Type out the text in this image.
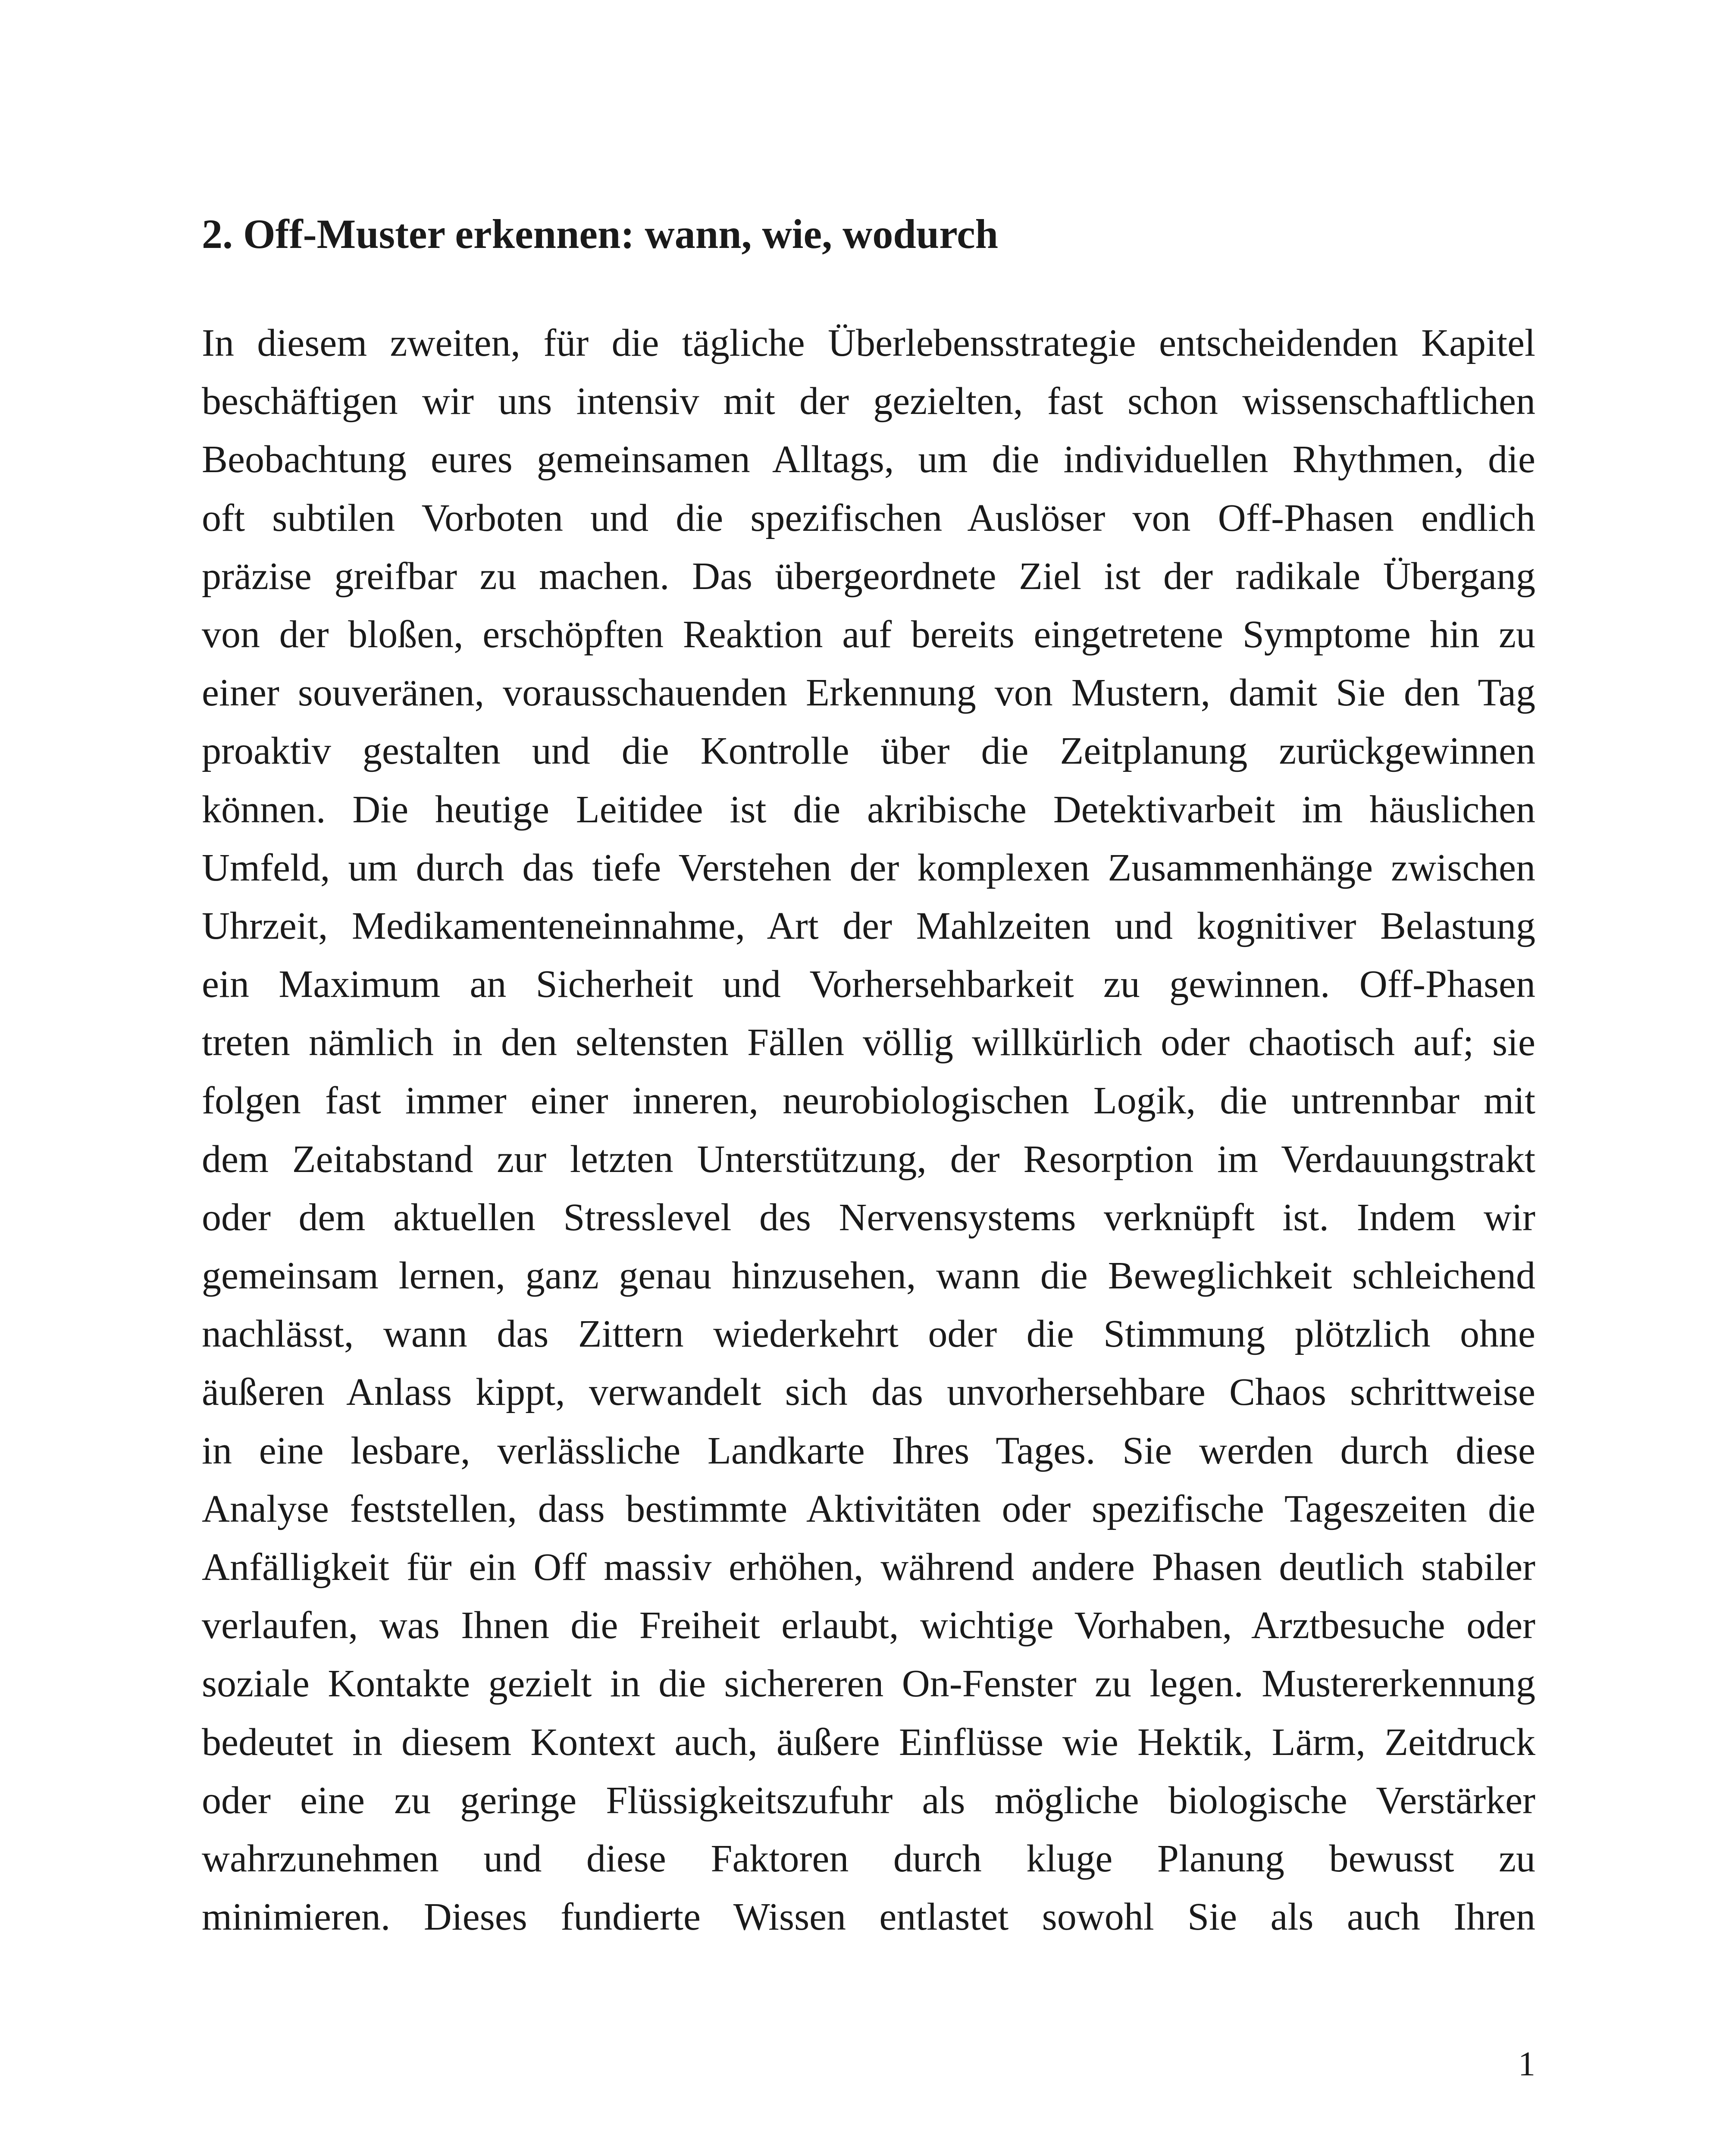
2. Off-Muster erkennen: wann, wie, wodurch
In diesem zweiten, für die tägliche Überlebensstrategie entscheidenden Kapitel
beschäftigen wir uns intensiv mit der gezielten, fast schon wissenschaftlichen
Beobachtung eures gemeinsamen Alltags, um die individuellen Rhythmen, die
oft subtilen Vorboten und die spezifischen Auslöser von Off-Phasen endlich
präzise greifbar zu machen. Das übergeordnete Ziel ist der radikale Übergang
von der bloßen, erschöpften Reaktion auf bereits eingetretene Symptome hin zu
einer souveränen, vorausschauenden Erkennung von Mustern, damit Sie den Tag
proaktiv gestalten und die Kontrolle über die Zeitplanung zurückgewinnen
können. Die heutige Leitidee ist die akribische Detektivarbeit im häuslichen
Umfeld, um durch das tiefe Verstehen der komplexen Zusammenhänge zwischen
Uhrzeit, Medikamenteneinnahme, Art der Mahlzeiten und kognitiver Belastung
ein Maximum an Sicherheit und Vorhersehbarkeit zu gewinnen. Off-Phasen
treten nämlich in den seltensten Fällen völlig willkürlich oder chaotisch auf; sie
folgen fast immer einer inneren, neurobiologischen Logik, die untrennbar mit
dem Zeitabstand zur letzten Unterstützung, der Resorption im Verdauungstrakt
oder dem aktuellen Stresslevel des Nervensystems verknüpft ist. Indem wir
gemeinsam lernen, ganz genau hinzusehen, wann die Beweglichkeit schleichend
nachlässt, wann das Zittern wiederkehrt oder die Stimmung plötzlich ohne
äußeren Anlass kippt, verwandelt sich das unvorhersehbare Chaos schrittweise
in eine lesbare, verlässliche Landkarte Ihres Tages. Sie werden durch diese
Analyse feststellen, dass bestimmte Aktivitäten oder spezifische Tageszeiten die
Anfälligkeit für ein Off massiv erhöhen, während andere Phasen deutlich stabiler
verlaufen, was Ihnen die Freiheit erlaubt, wichtige Vorhaben, Arztbesuche oder
soziale Kontakte gezielt in die sichereren On-Fenster zu legen. Mustererkennung
bedeutet in diesem Kontext auch, äußere Einflüsse wie Hektik, Lärm, Zeitdruck
oder eine zu geringe Flüssigkeitszufuhr als mögliche biologische Verstärker
wahrzunehmen und diese Faktoren durch kluge Planung bewusst zu
minimieren. Dieses fundierte Wissen entlastet sowohl Sie als auch Ihren
1
